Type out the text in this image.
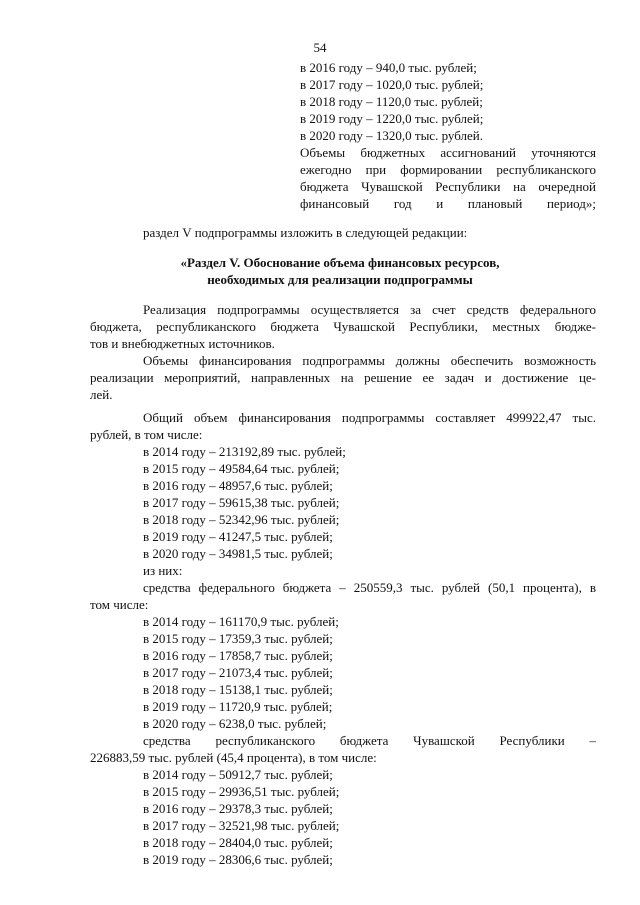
54
в 2016 году – 940,0 тыс. рублей;
в 2017 году – 1020,0 тыс. рублей;
в 2018 году – 1120,0 тыс. рублей;
в 2019 году – 1220,0 тыс. рублей;
в 2020 году – 1320,0 тыс. рублей.
Объемы бюджетных ассигнований уточняются
ежегодно при формировании республиканского
бюджета Чувашской Республики на очередной
финансовый год и плановый период»;
раздел V подпрограммы изложить в следующей редакции:
«Раздел V. Обоснование объема финансовых ресурсов,
необходимых для реализации подпрограммы
Реализация подпрограммы осуществляется за счет средств федерального
бюджета, республиканского бюджета Чувашской Республики, местных бюдже-
тов и внебюджетных источников.
Объемы финансирования подпрограммы должны обеспечить возможность
реализации мероприятий, направленных на решение ее задач и достижение це-
лей.
Общий объем финансирования подпрограммы составляет 499922,47 тыс.
рублей, в том числе:
в 2014 году – 213192,89 тыс. рублей;
в 2015 году – 49584,64 тыс. рублей;
в 2016 году – 48957,6 тыс. рублей;
в 2017 году – 59615,38 тыс. рублей;
в 2018 году – 52342,96 тыс. рублей;
в 2019 году – 41247,5 тыс. рублей;
в 2020 году – 34981,5 тыс. рублей;
из них:
средства федерального бюджета – 250559,3 тыс. рублей (50,1 процента), в
том числе:
в 2014 году – 161170,9 тыс. рублей;
в 2015 году – 17359,3 тыс. рублей;
в 2016 году – 17858,7 тыс. рублей;
в 2017 году – 21073,4 тыс. рублей;
в 2018 году – 15138,1 тыс. рублей;
в 2019 году – 11720,9 тыс. рублей;
в 2020 году – 6238,0 тыс. рублей;
средства республиканского бюджета Чувашской Республики –
226883,59 тыс. рублей (45,4 процента), в том числе:
в 2014 году – 50912,7 тыс. рублей;
в 2015 году – 29936,51 тыс. рублей;
в 2016 году – 29378,3 тыс. рублей;
в 2017 году – 32521,98 тыс. рублей;
в 2018 году – 28404,0 тыс. рублей;
в 2019 году – 28306,6 тыс. рублей;
